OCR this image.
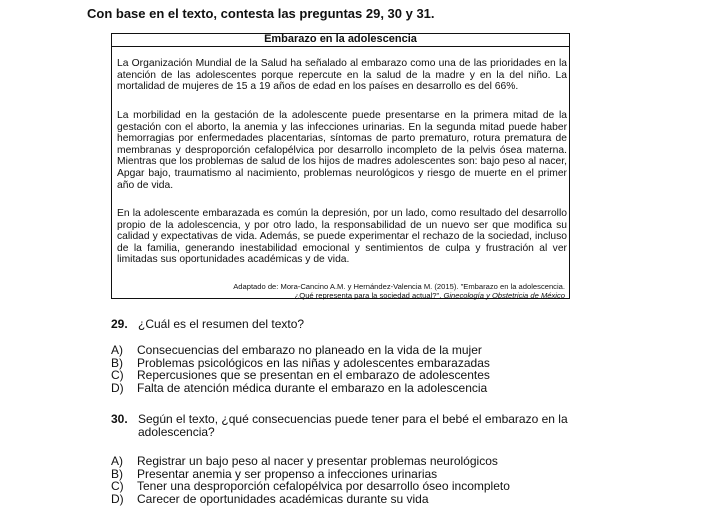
Con base en el texto, contesta las preguntas 29, 30 y 31.
Embarazo en la adolescencia
La Organización Mundial de la Salud ha señalado al embarazo como una de las prioridades en la atención de las adolescentes porque repercute en la salud de la madre y en la del niño. La mortalidad de mujeres de 15 a 19 años de edad en los países en desarrollo es del 66%.
La morbilidad en la gestación de la adolescente puede presentarse en la primera mitad de la gestación con el aborto, la anemia y las infecciones urinarias. En la segunda mitad puede haber hemorragias por enfermedades placentarias, síntomas de parto prematuro, rotura prematura de membranas y desproporción cefalopélvica por desarrollo incompleto de la pelvis ósea materna. Mientras que los problemas de salud de los hijos de madres adolescentes son: bajo peso al nacer, Apgar bajo, traumatismo al nacimiento, problemas neurológicos y riesgo de muerte en el primer año de vida.
En la adolescente embarazada es común la depresión, por un lado, como resultado del desarrollo propio de la adolescencia, y por otro lado, la responsabilidad de un nuevo ser que modifica su calidad y expectativas de vida. Además, se puede experimentar el rechazo de la sociedad, incluso de la familia, generando inestabilidad emocional y sentimientos de culpa y frustración al ver limitadas sus oportunidades académicas y de vida.
Adaptado de: Mora-Cancino A.M. y Hernández-Valencia M. (2015). "Embarazo en la adolescencia.
¿Qué representa para la sociedad actual?". Ginecología y Obstetricia de México
29. ¿Cuál es el resumen del texto?
A)	Consecuencias del embarazo no planeado en la vida de la mujer
B)	Problemas psicológicos en las niñas y adolescentes embarazadas
C)	Repercusiones que se presentan en el embarazo de adolescentes
D)	Falta de atención médica durante el embarazo en la adolescencia
30. Según el texto, ¿qué consecuencias puede tener para el bebé el embarazo en la adolescencia?
A)	Registrar un bajo peso al nacer y presentar problemas neurológicos
B)	Presentar anemia y ser propenso a infecciones urinarias
C)	Tener una desproporción cefalopélvica por desarrollo óseo incompleto
D)	Carecer de oportunidades académicas durante su vida
